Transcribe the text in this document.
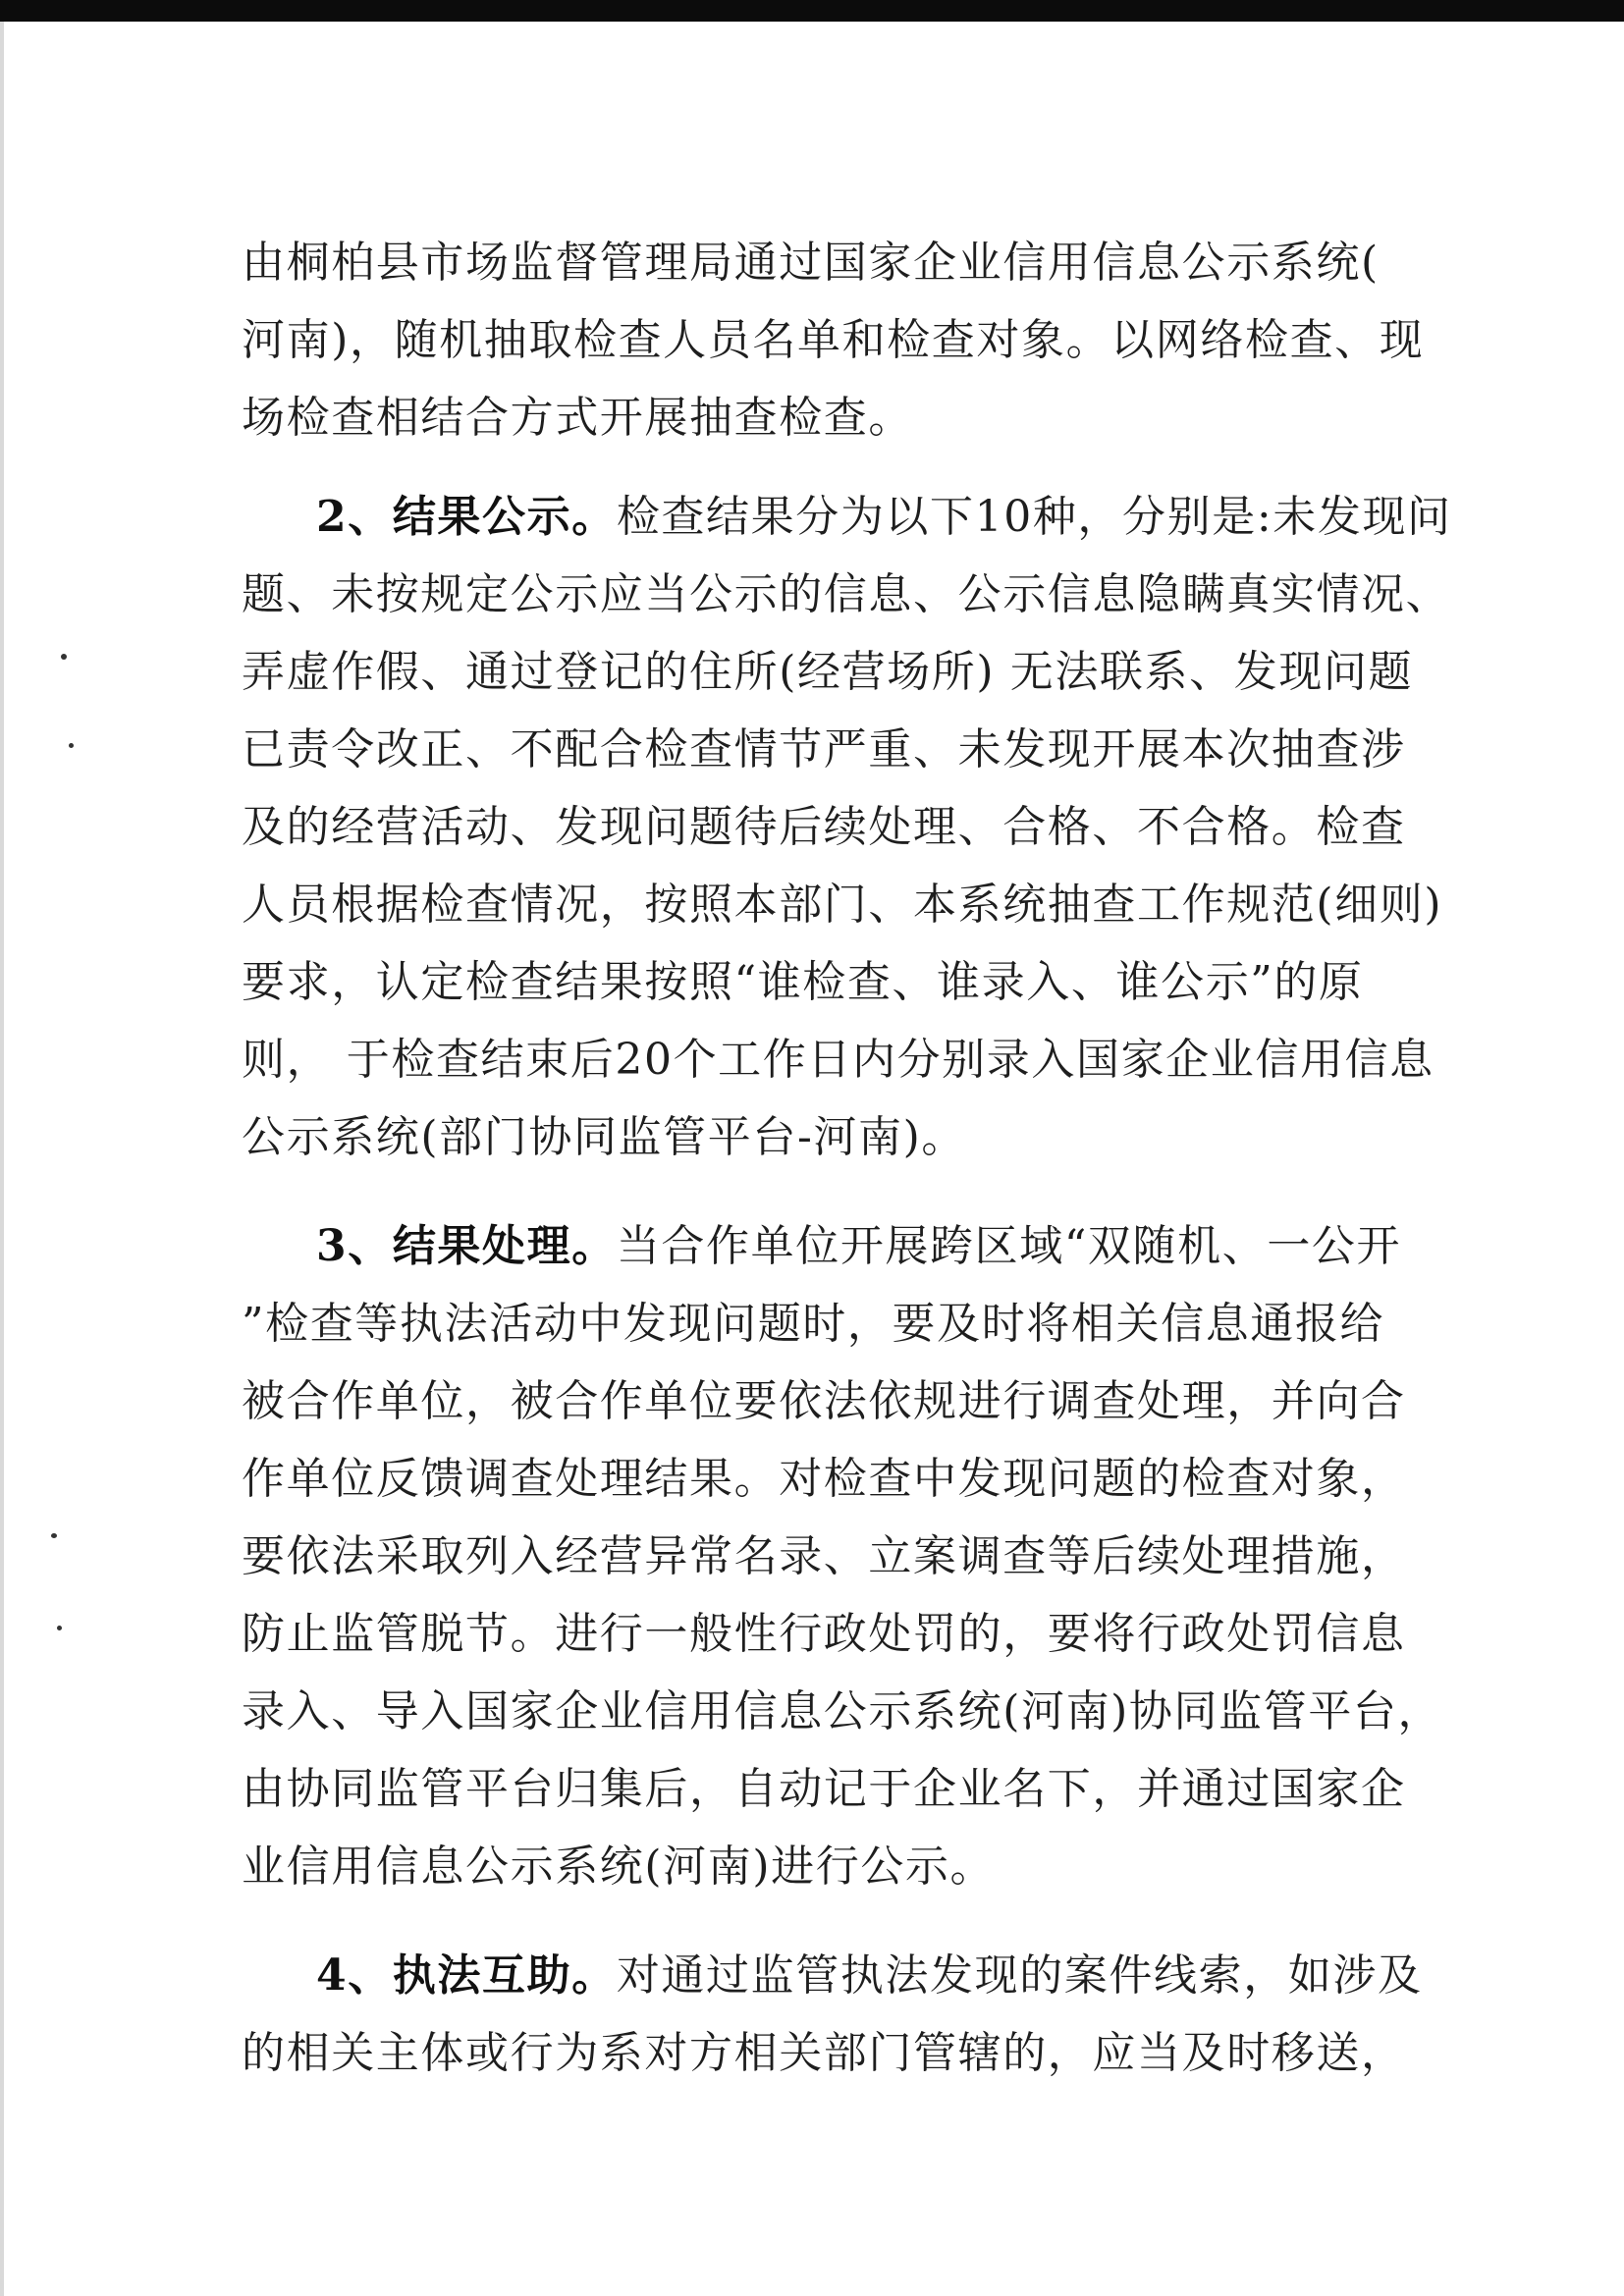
由桐柏县市场监督管理局通过国家企业信用信息公示系统(
河南)，随机抽取检查人员名单和检查对象。以网络检查、现
场检查相结合方式开展抽查检查。
2、结果公示。检查结果分为以下10种，分别是:未发现问
题、未按规定公示应当公示的信息、公示信息隐瞒真实情况、
弄虚作假、通过登记的住所(经营场所) 无法联系、发现问题
已责令改正、不配合检查情节严重、未发现开展本次抽查涉
及的经营活动、发现问题待后续处理、合格、不合格。检查
人员根据检查情况，按照本部门、本系统抽查工作规范(细则)
要求，认定检查结果按照“谁检查、谁录入、谁公示”的原
则， 于检查结束后20个工作日内分别录入国家企业信用信息
公示系统(部门协同监管平台-河南)。
3、结果处理。当合作单位开展跨区域“双随机、一公开
”检查等执法活动中发现问题时，要及时将相关信息通报给
被合作单位，被合作单位要依法依规进行调查处理，并向合
作单位反馈调查处理结果。对检查中发现问题的检查对象，
要依法采取列入经营异常名录、立案调查等后续处理措施，
防止监管脱节。进行一般性行政处罚的，要将行政处罚信息
录入、导入国家企业信用信息公示系统(河南)协同监管平台，
由协同监管平台归集后，自动记于企业名下，并通过国家企
业信用信息公示系统(河南)进行公示。
4、执法互助。对通过监管执法发现的案件线索，如涉及
的相关主体或行为系对方相关部门管辖的，应当及时移送，
